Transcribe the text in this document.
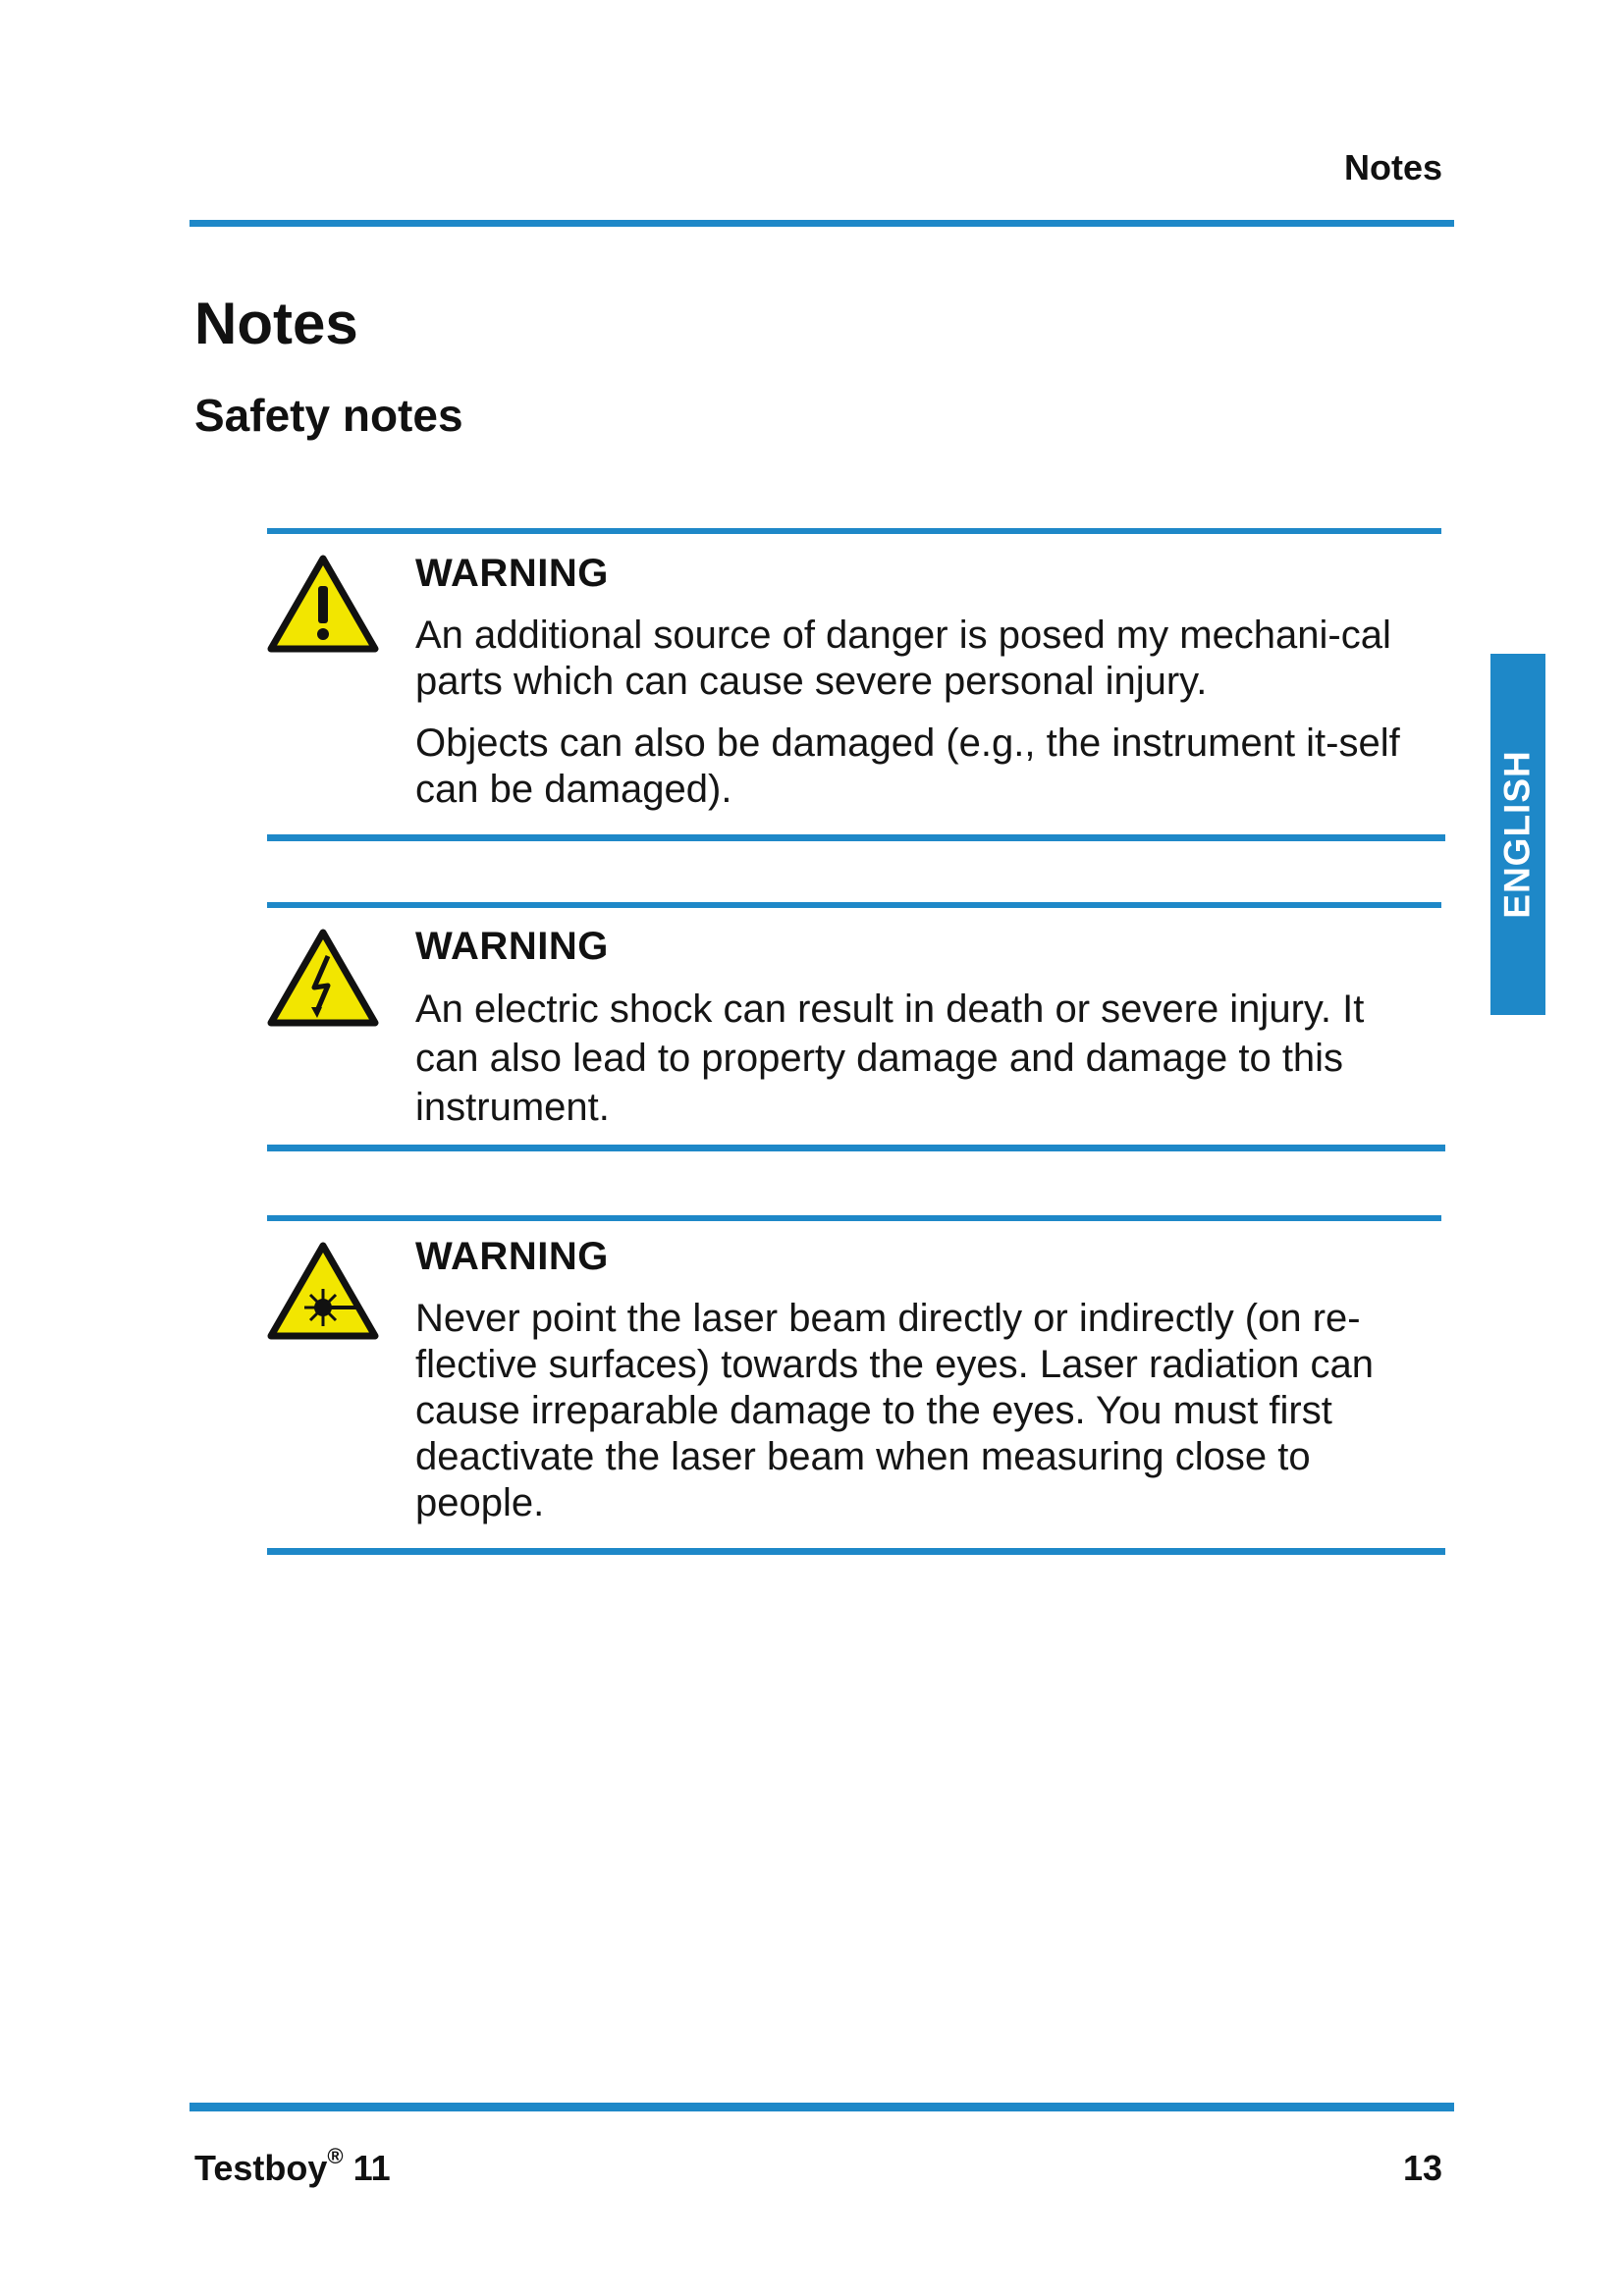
Notes
Notes
Safety notes
WARNING

An additional source of danger is posed my mechani-cal parts which can cause severe personal injury.

Objects can also be damaged (e.g., the instrument it-self can be damaged).

WARNING

An electric shock can result in death or severe injury. It can also lead to property damage and damage to this instrument.

WARNING

Never point the laser beam directly or indirectly (on re-flective surfaces) towards the eyes. Laser radiation can cause irreparable damage to the eyes. You must first deactivate the laser beam when measuring close to people.

ENGLISH
Testboy® 11	13
